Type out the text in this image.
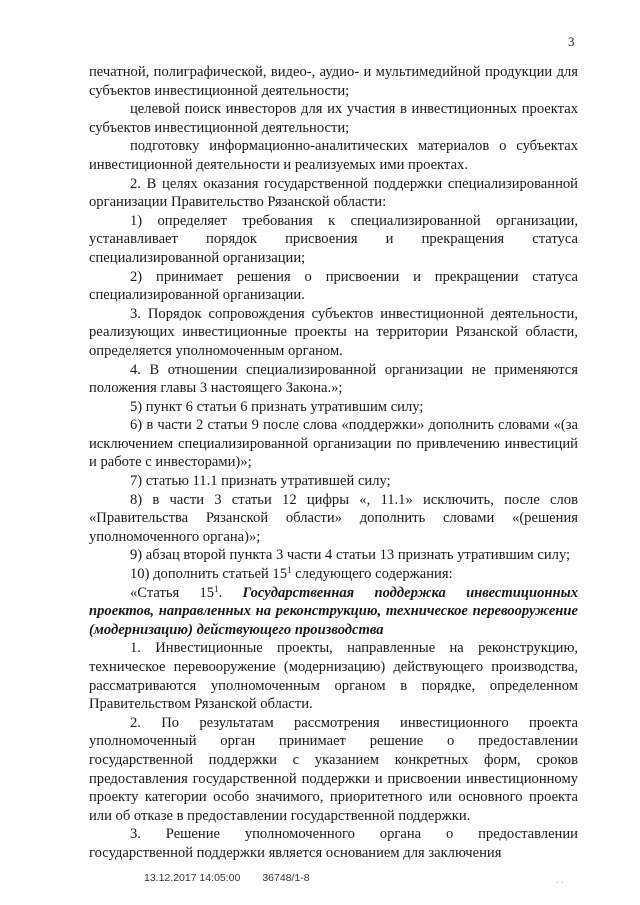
3

печатной, полиграфической, видео-, аудио- и мультимедийной продукции для субъектов инвестиционной деятельности;

целевой поиск инвесторов для их участия в инвестиционных проектах субъектов инвестиционной деятельности;

подготовку информационно-аналитических материалов о субъектах инвестиционной деятельности и реализуемых ими проектах.

2. В целях оказания государственной поддержки специализированной организации Правительство Рязанской области:

1) определяет требования к специализированной организации, устанавливает порядок присвоения и прекращения статуса специализированной организации;

2) принимает решения о присвоении и прекращении статуса специализированной организации.

3. Порядок сопровождения субъектов инвестиционной деятельности, реализующих инвестиционные проекты на территории Рязанской области, определяется уполномоченным органом.

4. В отношении специализированной организации не применяются положения главы 3 настоящего Закона.»;

5) пункт 6 статьи 6 признать утратившим силу;

6) в части 2 статьи 9 после слова «поддержки» дополнить словами «(за исключением специализированной организации по привлечению инвестиций и работе с инвесторами)»;

7) статью 11.1 признать утратившей силу;

8) в части 3 статьи 12 цифры «, 11.1» исключить, после слов «Правительства Рязанской области» дополнить словами «(решения уполномоченного органа)»;

9) абзац второй пункта 3 части 4 статьи 13 признать утратившим силу;

10) дополнить статьей $15^1$ следующего содержания:

«Статья $15^1$. Государственная поддержка инвестиционных проектов, направленных на реконструкцию, техническое перевооружение (модернизацию) действующего производства

1. Инвестиционные проекты, направленные на реконструкцию, техническое перевооружение (модернизацию) действующего производства, рассматриваются уполномоченным органом в порядке, определенном Правительством Рязанской области.

2. По результатам рассмотрения инвестиционного проекта уполномоченный орган принимает решение о предоставлении государственной поддержки с указанием конкретных форм, сроков предоставления государственной поддержки и присвоении инвестиционному проекту категории особо значимого, приоритетного или основного проекта или об отказе в предоставлении государственной поддержки.

3. Решение уполномоченного органа о предоставлении государственной поддержки является основанием для заключения

13.12.2017 14:05:00 36748/1-8	. .
